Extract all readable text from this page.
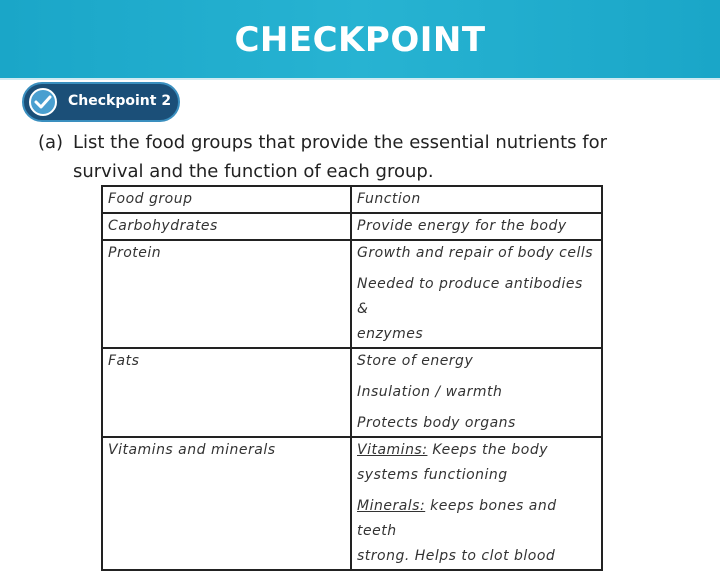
CHECKPOINT
Checkpoint 2
(a) List the food groups that provide the essential nutrients for survival and the function of each group.
Food group	Function
Carbohydrates	Provide energy for the body
Protein	Growth and repair of body cells
Needed to produce antibodies &
enzymes

Fats	Store of energy
Insulation / warmth
Protects body organs

Vitamins and minerals	Vitamins: Keeps the body
systems functioning
Minerals: keeps bones and teeth
strong. Helps to clot blood
